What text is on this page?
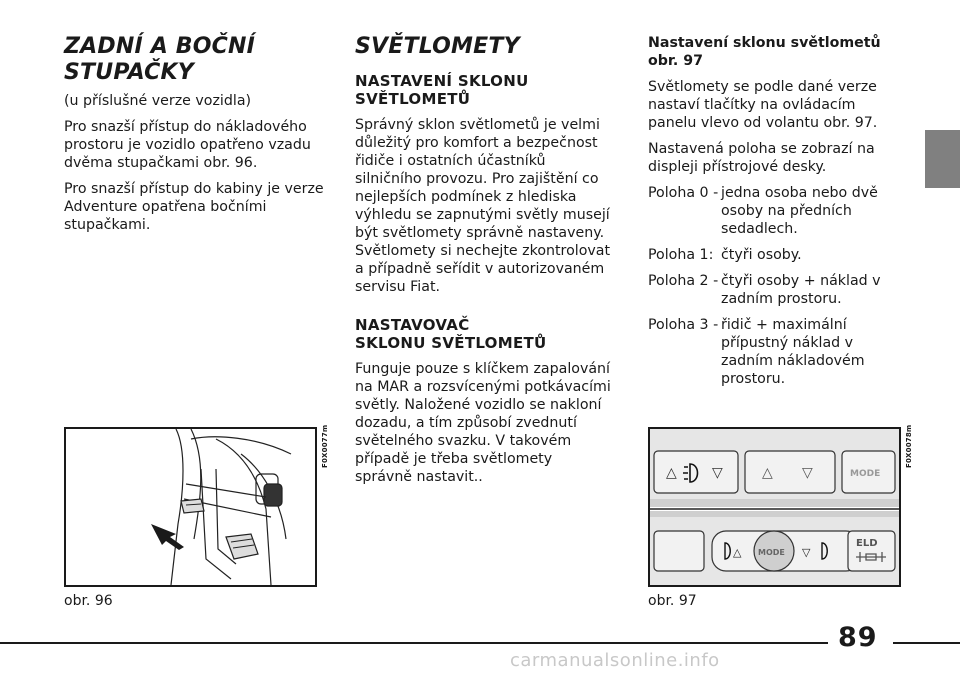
ZADNÍ A BOČNÍ
STUPAČKY

(u příslušné verze vozidla)

Pro snazší přístup do nákladového prostoru je vozidlo opatřeno vzadu dvěma stupačkami obr. 96.

Pro snazší přístup do kabiny je verze Adventure opatřena bočními stupačkami.

SVĚTLOMETY
NASTAVENÍ SKLONU
SVĚTLOMETŮ

Správný sklon světlometů je velmi důležitý pro komfort a bezpečnost řidiče i ostatních účastníků silničního provozu. Pro zajištění co nejlepších podmínek z hlediska výhledu se zapnutými světly musejí být světlomety správně nastaveny. Světlomety si nechejte zkontrolovat a případně seřídit v autorizovaném servisu Fiat.

NASTAVOVAČ
SKLONU SVĚTLOMETŮ

Funguje pouze s klíčkem zapalování na MAR a rozsvícenými potkávacími světly. Naložené vozidlo se nakloní dozadu, a tím způsobí zvednutí světelného svazku. V takovém případě je třeba světlomety správně nastavit..

Nastavení sklonu světlometů
obr. 97

Světlomety se podle dané verze nastaví tlačítky na ovládacím panelu vlevo od volantu obr. 97.

Nastavená poloha se zobrazí na displeji přístrojové desky.

Poloha 0 - jedna osoba nebo dvě osoby na předních sedadlech.
Poloha 1: čtyři osoby.
Poloha 2 - čtyři osoby + náklad v zadním prostoru.
Poloha 3 - řidič + maximální přípustný náklad v zadním nákladovém prostoru.
F0X0077m
obr. 96
△	▽	△ ▽	MODE
△ MODE ▽
ELD
F0X0078m
obr. 97
89
carmanualsonline.info
